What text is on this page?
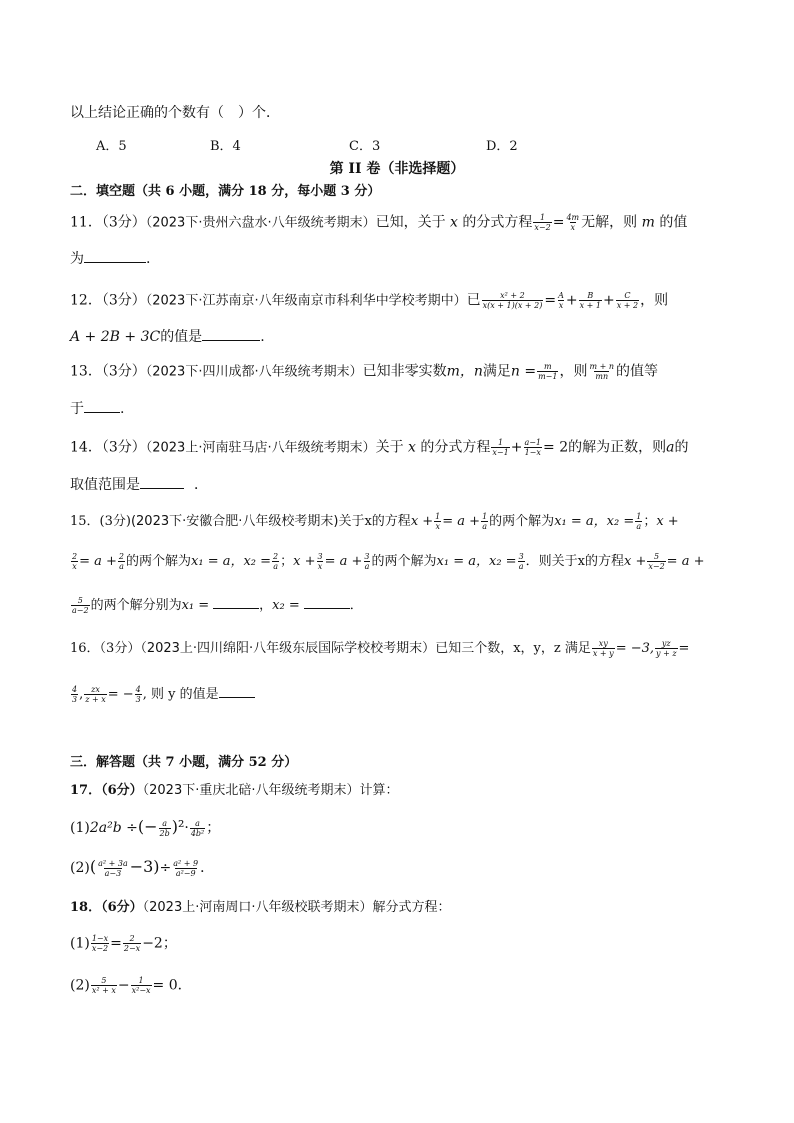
以上结论正确的个数有（　）个．
A．5	B．4	C．3	D．2
第 II 卷（非选择题）
二．填空题（共 6 小题，满分 18 分，每小题 3 分）
11．（3分）（2023下·贵州六盘水·八年级统考期末）已知，关于 x 的分式方程 $\frac{1}{x-2} = \frac{4m}{x}$ 无解，则 m 的值
为	.
12．（3分）（2023下·江苏南京·八年级南京市科利华中学校考期中）已 $\frac{\text{x² + 2}}{x(x + 1)(x + 2)} = \frac{A}{x} + \frac{B}{x + 1} + \frac{C}{x + 2}$ ，则
A + 2B + 3C的值是	.
13．（3分）（2023下·四川成都·八年级统考期末）已知非零实数m，n满足$n = \frac{m}{m-1}$ ，则 $\frac{m + n}{mn}$ 的值等
于	.
14．（3分）（2023上·河南驻马店·八年级统考期末）关于 x 的分式方程 $\frac{1}{x-1} + \frac{a-1}{1-x} = 2$的解为正数，则a的
取值范围是	．
15．(3分)(2023下·安徽合肥·八年级校考期末)关于x的方程$x + \frac{1}{x} = a + \frac{1}{a}$ 的两个解为x₁ = a，$x_2 = \frac{1}{a}$ ；x +
$\frac{2}{x} = a + \frac{2}{a}$ 的两个解为x₁ = a，$x_2 = \frac{2}{a}$ ；$x + \frac{3}{x} = a + \frac{3}{a}$ 的两个解为x₁ = a，$x_2 = \frac{3}{a}$ ．则关于x的方程$x + \frac{5}{x-2} = a$ +
$\frac{5}{a-2}$ 的两个解分别为x₁ =	，x₂ =	．
16．（3分）（2023上·四川绵阳·八年级东辰国际学校校考期末）已知三个数，x，y，z 满足 $\frac{xy}{x + y} = -3$, $\frac{yz}{y + z}$ =
$\frac{4}{3}$ , $\frac{zx}{z + x}$ = − $\frac{4}{3}$ , 则 y 的值是
三．解答题（共 7 小题，满分 52 分）
17．（6分）（2023下·重庆北碚·八年级统考期末）计算：
(1)2a²b ÷(− $\frac{a}{2b} )^2\cdot \frac{a}{\text{4b²}}$ ；
$(2)( \frac{\text{a² + 3a}}{a-3} -3)\div \frac{\text{a² + 9}}{\text{a²−9}}$ ．
18．（6分）（2023上·河南周口·八年级校联考期末）解分式方程：
$(1) \frac{1-x}{x-2} = \frac{2}{2-x} -2$；
$(2) \frac{5}{\text{x² + x}} - \frac{1}{\text{x²−x}} = 0$．
